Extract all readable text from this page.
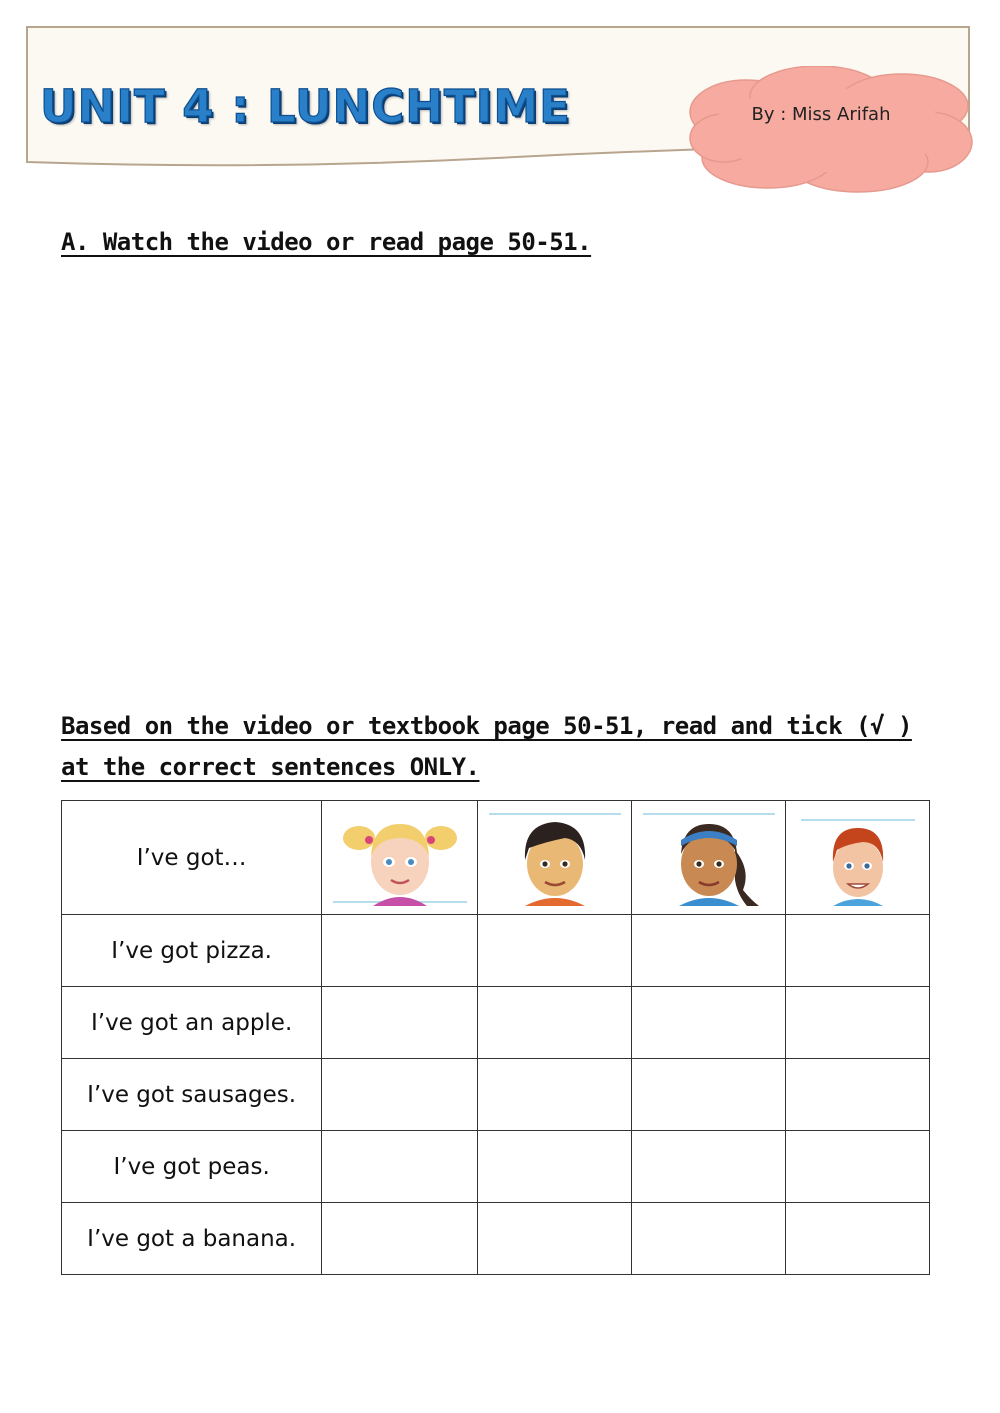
UNIT 4 : LUNCHTIME	By : Miss Arifah
A. Watch the video or read page 50-51.
Based on the video or textbook page 50-51, read and tick (√ ) at the correct sentences ONLY.
I’ve got…	

I’ve got pizza.				
I’ve got an apple.				
I’ve got sausages.				
I’ve got peas.				
I’ve got a banana.				
